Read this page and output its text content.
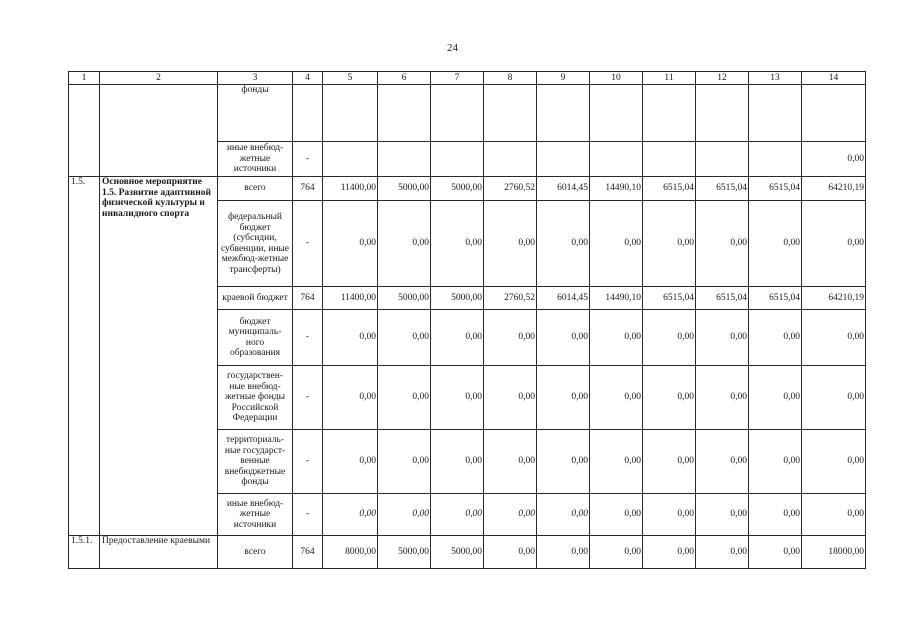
24
1	2	3	4	5	6	7	8	9	10	11	12	13	14
		фонды											
		иные внебюд-жетные источники	-										0,00
1.5.	Основное мероприятие 1.5. Развитие адаптивной физической культуры и инвалидного спорта	всего	764	11400,00	5000,00	5000,00	2760,52	6014,45	14490,10	6515,04	6515,04	6515,04	64210,19
		федеральный бюджет (субсидии, субвенции, иные межбюд-жетные трансферты)	-	0,00	0,00	0,00	0,00	0,00	0,00	0,00	0,00	0,00	0,00
		краевой бюджет	764	11400,00	5000,00	5000,00	2760,52	6014,45	14490,10	6515,04	6515,04	6515,04	64210,19
		бюджет муниципаль-ного образования	-	0,00	0,00	0,00	0,00	0,00	0,00	0,00	0,00	0,00	0,00
		государствен-ные внебюд-жетные фонды Российской Федерации	-	0,00	0,00	0,00	0,00	0,00	0,00	0,00	0,00	0,00	0,00
		территориаль-ные государст-венные внебюджетные фонды	-	0,00	0,00	0,00	0,00	0,00	0,00	0,00	0,00	0,00	0,00
		иные внебюд-жетные источники	-	0,00	0,00	0,00	0,00	0,00	0,00	0,00	0,00	0,00	0,00
1.5.1.	Предоставление краевыми	всего	764	8000,00	5000,00	5000,00	0,00	0,00	0,00	0,00	0,00	0,00	18000,00
